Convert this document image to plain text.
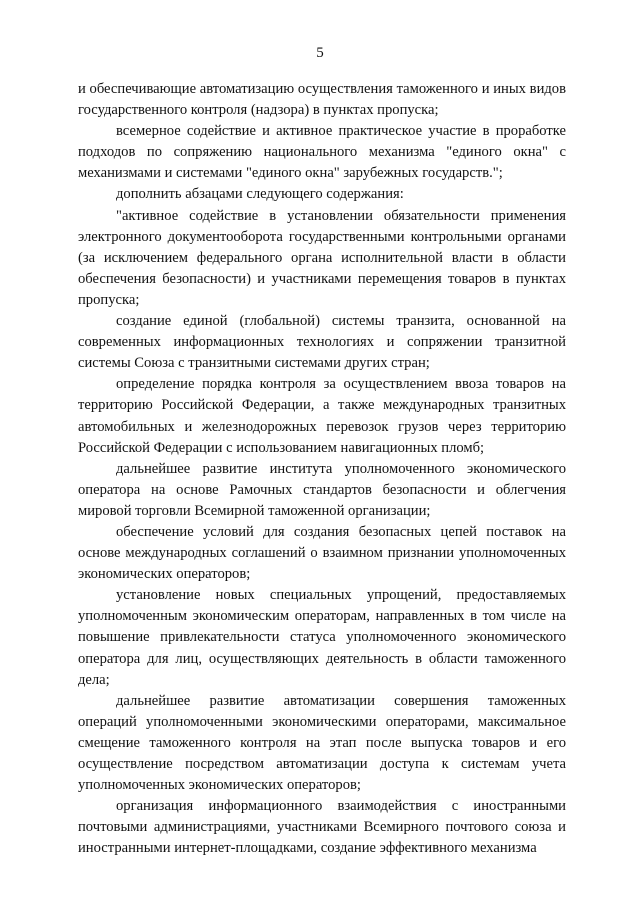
5

и обеспечивающие автоматизацию осуществления таможенного и иных видов государственного контроля (надзора) в пунктах пропуска;

всемерное содействие и активное практическое участие в проработке подходов по сопряжению национального механизма "единого окна" с механизмами и системами "единого окна" зарубежных государств.";

дополнить абзацами следующего содержания:

"активное содействие в установлении обязательности применения электронного документооборота государственными контрольными органами (за исключением федерального органа исполнительной власти в области обеспечения безопасности) и участниками перемещения товаров в пунктах пропуска;

создание единой (глобальной) системы транзита, основанной на современных информационных технологиях и сопряжении транзитной системы Союза с транзитными системами других стран;

определение порядка контроля за осуществлением ввоза товаров на территорию Российской Федерации, а также международных транзитных автомобильных и железнодорожных перевозок грузов через территорию Российской Федерации с использованием навигационных пломб;

дальнейшее развитие института уполномоченного экономического оператора на основе Рамочных стандартов безопасности и облегчения мировой торговли Всемирной таможенной организации;

обеспечение условий для создания безопасных цепей поставок на основе международных соглашений о взаимном признании уполномоченных экономических операторов;

установление новых специальных упрощений, предоставляемых уполномоченным экономическим операторам, направленных в том числе на повышение привлекательности статуса уполномоченного экономического оператора для лиц, осуществляющих деятельность в области таможенного дела;

дальнейшее развитие автоматизации совершения таможенных операций уполномоченными экономическими операторами, максимальное смещение таможенного контроля на этап после выпуска товаров и его осуществление посредством автоматизации доступа к системам учета уполномоченных экономических операторов;

организация информационного взаимодействия с иностранными почтовыми администрациями, участниками Всемирного почтового союза и иностранными интернет-площадками, создание эффективного механизма
